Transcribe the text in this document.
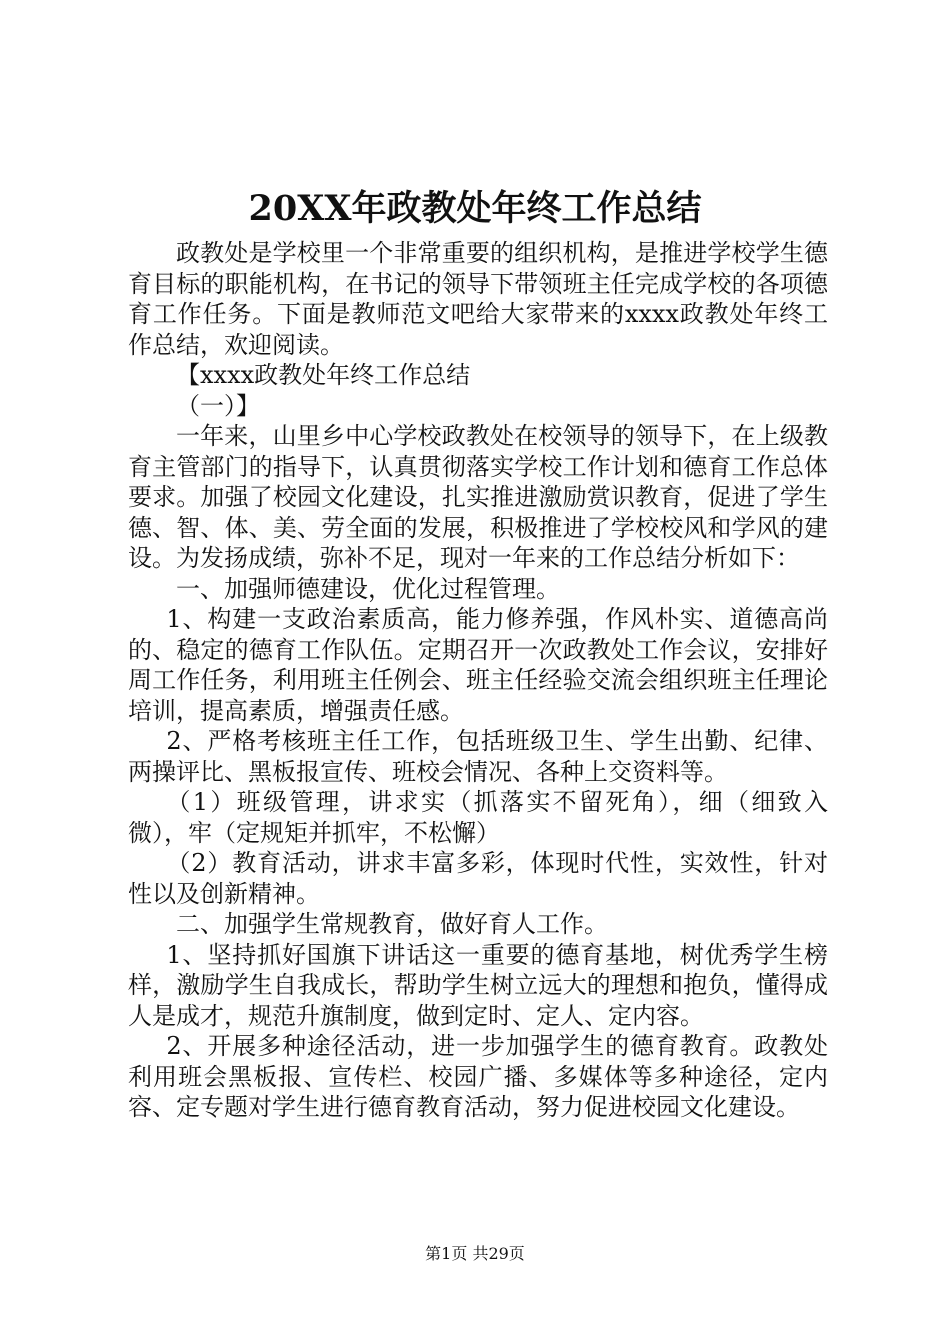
20XX年政教处年终工作总结

政教处是学校里一个非常重要的组织机构，是推进学校学生德育目标的职能机构，在书记的领导下带领班主任完成学校的各项德育工作任务。下面是教师范文吧给大家带来的xxxx政教处年终工作总结，欢迎阅读。

【xxxx政教处年终工作总结

（一）】

一年来，山里乡中心学校政教处在校领导的领导下，在上级教育主管部门的指导下，认真贯彻落实学校工作计划和德育工作总体要求。加强了校园文化建设，扎实推进激励赏识教育，促进了学生德、智、体、美、劳全面的发展，积极推进了学校校风和学风的建设。为发扬成绩，弥补不足，现对一年来的工作总结分析如下：

一、加强师德建设，优化过程管理。

1、构建一支政治素质高，能力修养强，作风朴实、道德高尚的、稳定的德育工作队伍。定期召开一次政教处工作会议，安排好周工作任务，利用班主任例会、班主任经验交流会组织班主任理论培训，提高素质，增强责任感。

2、严格考核班主任工作，包括班级卫生、学生出勤、纪律、两操评比、黑板报宣传、班校会情况、各种上交资料等。

（1）班级管理，讲求实（抓落实不留死角），细（细致入微），牢（定规矩并抓牢，不松懈）

（2）教育活动，讲求丰富多彩，体现时代性，实效性，针对性以及创新精神。

二、加强学生常规教育，做好育人工作。

1、坚持抓好国旗下讲话这一重要的德育基地，树优秀学生榜样，激励学生自我成长，帮助学生树立远大的理想和抱负，懂得成人是成才，规范升旗制度，做到定时、定人、定内容。

2、开展多种途径活动，进一步加强学生的德育教育。政教处利用班会黑板报、宣传栏、校园广播、多媒体等多种途径，定内容、定专题对学生进行德育教育活动，努力促进校园文化建设。

第1页 共29页
